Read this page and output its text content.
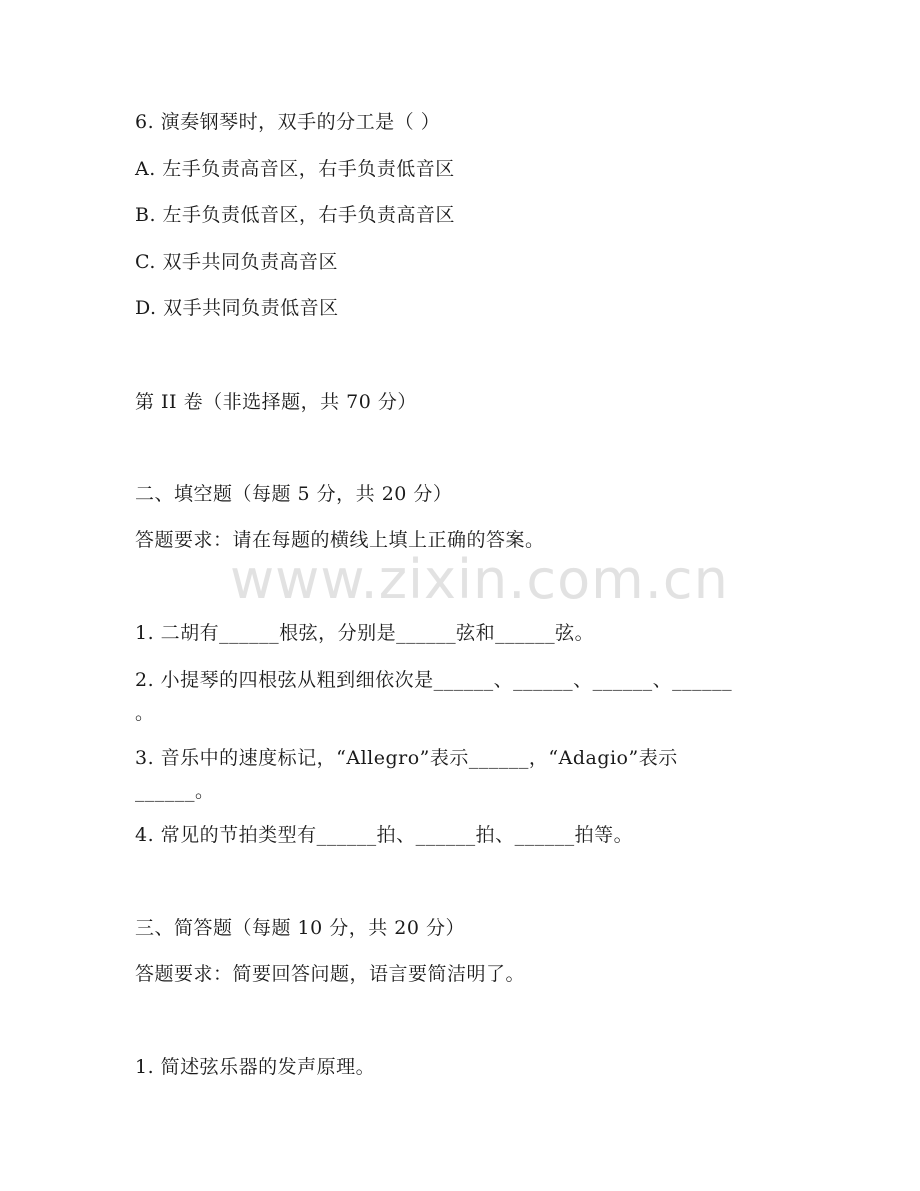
www.zixin.com.cn
6. 演奏钢琴时，双手的分工是（ ）
A. 左手负责高音区，右手负责低音区
B. 左手负责低音区，右手负责高音区
C. 双手共同负责高音区
D. 双手共同负责低音区
第 II 卷（非选择题，共 70 分）
二、填空题（每题 5 分，共 20 分）
答题要求：请在每题的横线上填上正确的答案。
1. 二胡有______根弦，分别是______弦和______弦。
2. 小提琴的四根弦从粗到细依次是______、______、______、______
。
3. 音乐中的速度标记，“Allegro”表示______，“Adagio”表示
______。
4. 常见的节拍类型有______拍、______拍、______拍等。
三、简答题（每题 10 分，共 20 分）
答题要求：简要回答问题，语言要简洁明了。
1. 简述弦乐器的发声原理。
